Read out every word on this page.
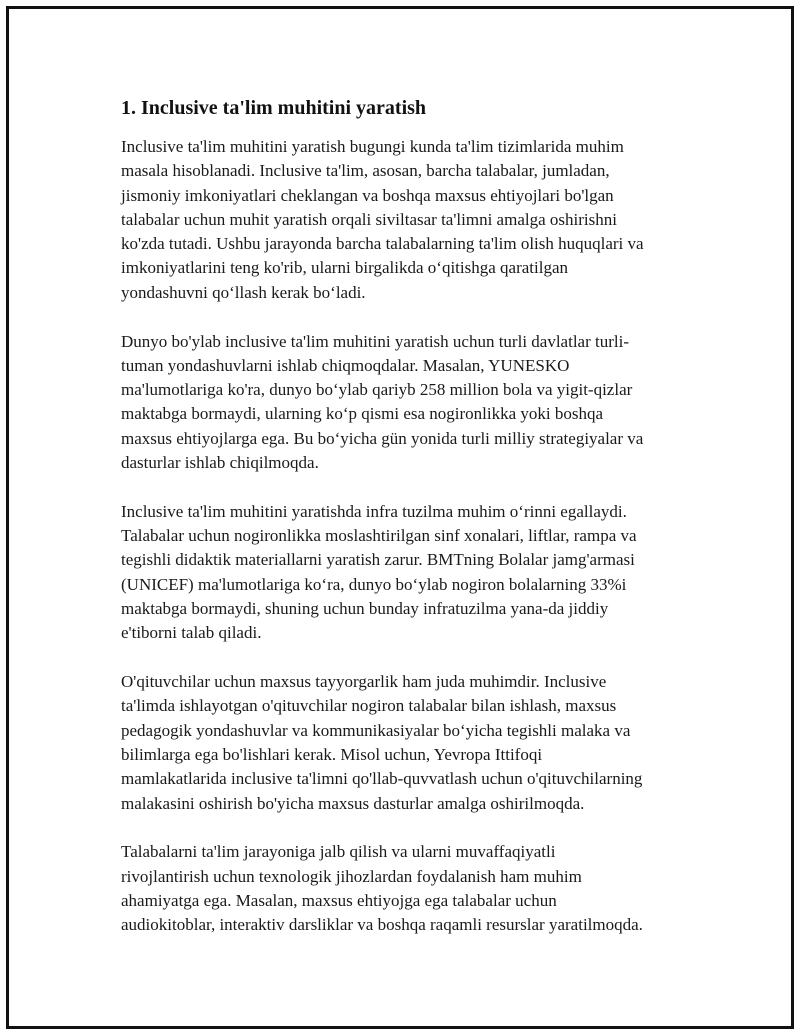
1. Inclusive ta'lim muhitini yaratish

Inclusive ta'lim muhitini yaratish bugungi kunda ta'lim tizimlarida muhim
masala hisoblanadi. Inclusive ta'lim, asosan, barcha talabalar, jumladan,
jismoniy imkoniyatlari cheklangan va boshqa maxsus ehtiyojlari bo'lgan
talabalar uchun muhit yaratish orqali siviltasar ta'limni amalga oshirishni
ko'zda tutadi. Ushbu jarayonda barcha talabalarning ta'lim olish huquqlari va
imkoniyatlarini teng ko'rib, ularni birgalikda o‘qitishga qaratilgan
yondashuvni qo‘llash kerak bo‘ladi.

Dunyo bo'ylab inclusive ta'lim muhitini yaratish uchun turli davlatlar turli-
tuman yondashuvlarni ishlab chiqmoqdalar. Masalan, YUNESKO
ma'lumotlariga ko'ra, dunyo bo‘ylab qariyb 258 million bola va yigit-qizlar
maktabga bormaydi, ularning ko‘p qismi esa nogironlikka yoki boshqa
maxsus ehtiyojlarga ega. Bu bo‘yicha gün yonida turli milliy strategiyalar va
dasturlar ishlab chiqilmoqda.

Inclusive ta'lim muhitini yaratishda infra tuzilma muhim o‘rinni egallaydi.
Talabalar uchun nogironlikka moslashtirilgan sinf xonalari, liftlar, rampa va
tegishli didaktik materiallarni yaratish zarur. BMTning Bolalar jamg'armasi
(UNICEF) ma'lumotlariga ko‘ra, dunyo bo‘ylab nogiron bolalarning 33%i
maktabga bormaydi, shuning uchun bunday infratuzilma yana-da jiddiy
e'tiborni talab qiladi.

O'qituvchilar uchun maxsus tayyorgarlik ham juda muhimdir. Inclusive
ta'limda ishlayotgan o'qituvchilar nogiron talabalar bilan ishlash, maxsus
pedagogik yondashuvlar va kommunikasiyalar bo‘yicha tegishli malaka va
bilimlarga ega bo'lishlari kerak. Misol uchun, Yevropa Ittifoqi
mamlakatlarida inclusive ta'limni qo'llab-quvvatlash uchun o'qituvchilarning
malakasini oshirish bo'yicha maxsus dasturlar amalga oshirilmoqda.

Talabalarni ta'lim jarayoniga jalb qilish va ularni muvaffaqiyatli
rivojlantirish uchun texnologik jihozlardan foydalanish ham muhim
ahamiyatga ega. Masalan, maxsus ehtiyojga ega talabalar uchun
audiokitoblar, interaktiv darsliklar va boshqa raqamli resurslar yaratilmoqda.
